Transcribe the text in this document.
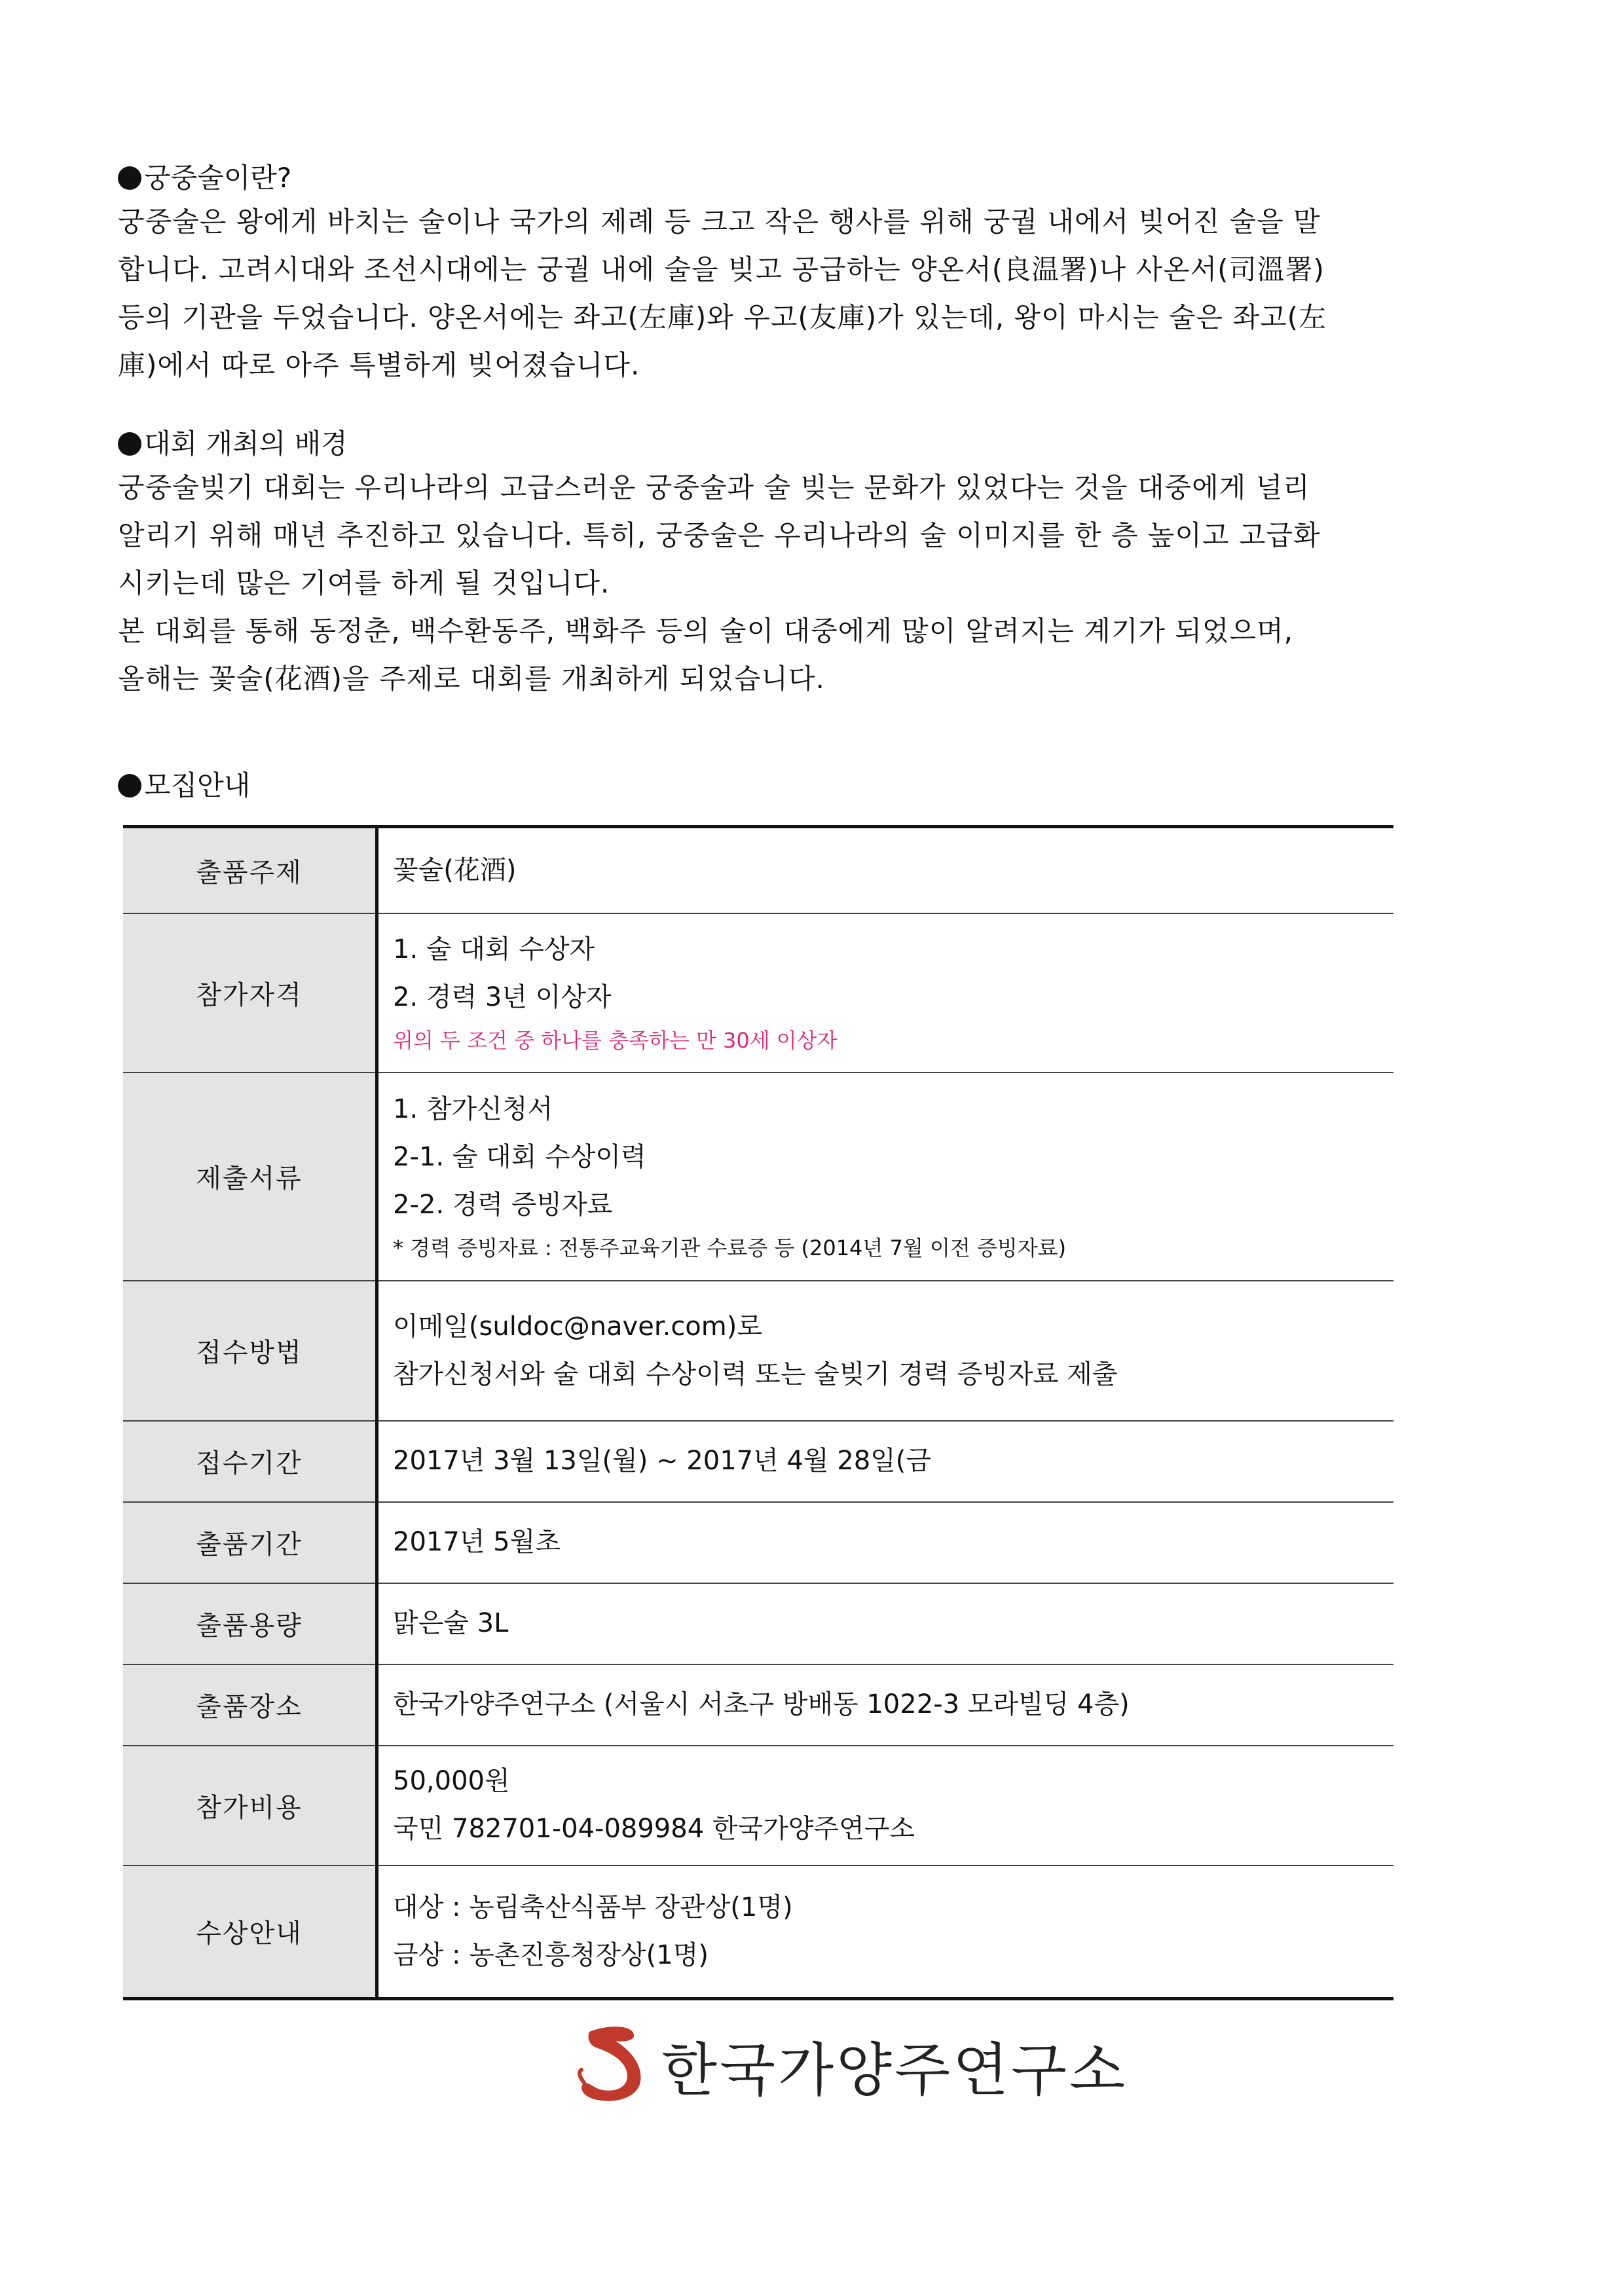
궁중술이란?

궁중술은 왕에게 바치는 술이나 국가의 제례 등 크고 작은 행사를 위해 궁궐 내에서 빚어진 술을 말
합니다. 고려시대와 조선시대에는 궁궐 내에 술을 빚고 공급하는 양온서(良温署)나 사온서(司溫署)
등의 기관을 두었습니다. 양온서에는 좌고(左庫)와 우고(友庫)가 있는데, 왕이 마시는 술은 좌고(左
庫)에서 따로 아주 특별하게 빚어졌습니다.

대회 개최의 배경

궁중술빚기 대회는 우리나라의 고급스러운 궁중술과 술 빚는 문화가 있었다는 것을 대중에게 널리
알리기 위해 매년 추진하고 있습니다. 특히, 궁중술은 우리나라의 술 이미지를 한 층 높이고 고급화
시키는데 많은 기여를 하게 될 것입니다.
본 대회를 통해 동정춘, 백수환동주, 백화주 등의 술이 대중에게 많이 알려지는 계기가 되었으며,
올해는 꽃술(花酒)을 주제로 대회를 개최하게 되었습니다.

모집안내
출품주제	꽃술(花酒)

참가자격	1. 술 대회 수상자
2. 경력 3년 이상자
위의 두 조건 중 하나를 충족하는 만 30세 이상자

제출서류	1. 참가신청서
2-1. 술 대회 수상이력
2-2. 경력 증빙자료
* 경력 증빙자료 : 전통주교육기관 수료증 등 (2014년 7월 이전 증빙자료)

접수방법	이메일(suldoc@naver.com)로
참가신청서와 술 대회 수상이력 또는 술빚기 경력 증빙자료 제출

접수기간	2017년 3월 13일(월) ~ 2017년 4월 28일(금

출품기간	2017년 5월초

출품용량	맑은술 3L

출품장소	한국가양주연구소 (서울시 서초구 방배동 1022-3 모라빌딩 4층)

참가비용	50,000원
국민 782701-04-089984 한국가양주연구소

수상안내	대상 : 농림축산식품부 장관상(1명)
금상 : 농촌진흥청장상(1명)
한국가양주연구소
